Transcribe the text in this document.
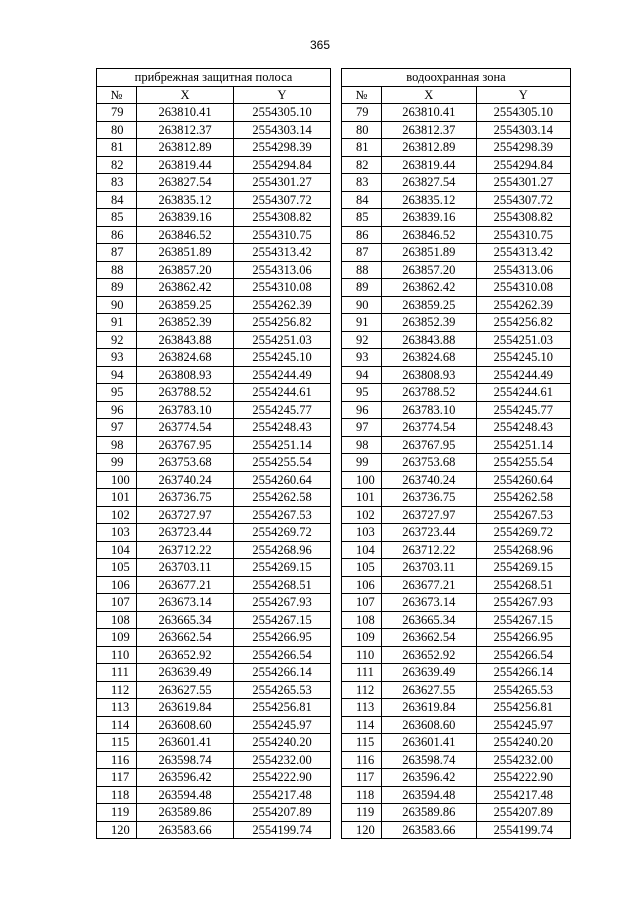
365
прибрежная защитная полоса		
№	X	Y
79	263810.41	2554305.10
80	263812.37	2554303.14
81	263812.89	2554298.39
82	263819.44	2554294.84
83	263827.54	2554301.27
84	263835.12	2554307.72
85	263839.16	2554308.82
86	263846.52	2554310.75
87	263851.89	2554313.42
88	263857.20	2554313.06
89	263862.42	2554310.08
90	263859.25	2554262.39
91	263852.39	2554256.82
92	263843.88	2554251.03
93	263824.68	2554245.10
94	263808.93	2554244.49
95	263788.52	2554244.61
96	263783.10	2554245.77
97	263774.54	2554248.43
98	263767.95	2554251.14
99	263753.68	2554255.54
100	263740.24	2554260.64
101	263736.75	2554262.58
102	263727.97	2554267.53
103	263723.44	2554269.72
104	263712.22	2554268.96
105	263703.11	2554269.15
106	263677.21	2554268.51
107	263673.14	2554267.93
108	263665.34	2554267.15
109	263662.54	2554266.95
110	263652.92	2554266.54
111	263639.49	2554266.14
112	263627.55	2554265.53
113	263619.84	2554256.81
114	263608.60	2554245.97
115	263601.41	2554240.20
116	263598.74	2554232.00
117	263596.42	2554222.90
118	263594.48	2554217.48
119	263589.86	2554207.89
120	263583.66	2554199.74
водоохранная зона		
№	X	Y
79	263810.41	2554305.10
80	263812.37	2554303.14
81	263812.89	2554298.39
82	263819.44	2554294.84
83	263827.54	2554301.27
84	263835.12	2554307.72
85	263839.16	2554308.82
86	263846.52	2554310.75
87	263851.89	2554313.42
88	263857.20	2554313.06
89	263862.42	2554310.08
90	263859.25	2554262.39
91	263852.39	2554256.82
92	263843.88	2554251.03
93	263824.68	2554245.10
94	263808.93	2554244.49
95	263788.52	2554244.61
96	263783.10	2554245.77
97	263774.54	2554248.43
98	263767.95	2554251.14
99	263753.68	2554255.54
100	263740.24	2554260.64
101	263736.75	2554262.58
102	263727.97	2554267.53
103	263723.44	2554269.72
104	263712.22	2554268.96
105	263703.11	2554269.15
106	263677.21	2554268.51
107	263673.14	2554267.93
108	263665.34	2554267.15
109	263662.54	2554266.95
110	263652.92	2554266.54
111	263639.49	2554266.14
112	263627.55	2554265.53
113	263619.84	2554256.81
114	263608.60	2554245.97
115	263601.41	2554240.20
116	263598.74	2554232.00
117	263596.42	2554222.90
118	263594.48	2554217.48
119	263589.86	2554207.89
120	263583.66	2554199.74
